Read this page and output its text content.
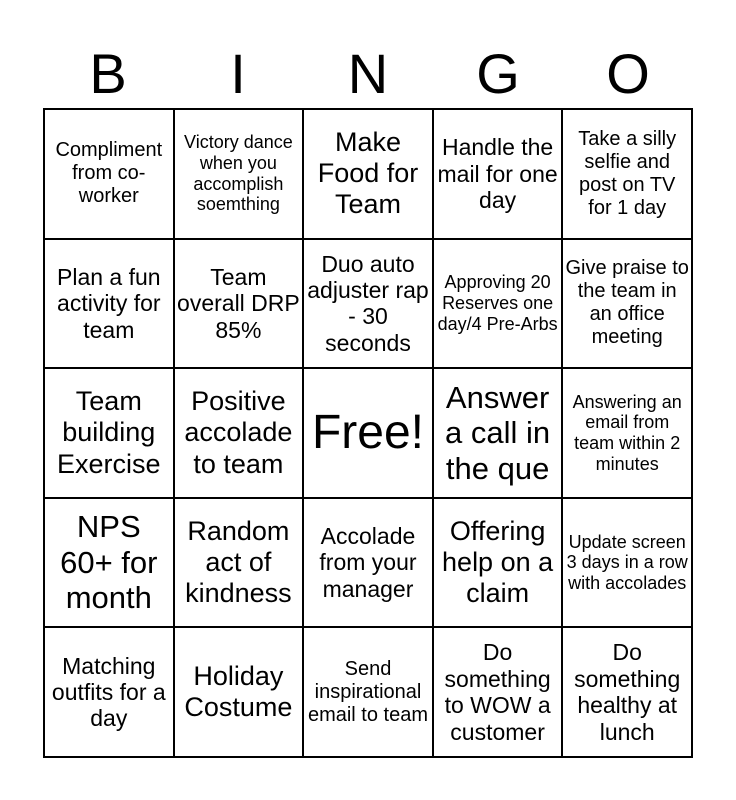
B	I	N	G	O
Compliment from co-worker
Victory dance when you accomplish soemthing
Make Food for Team
Handle the mail for one day
Take a silly selfie and post on TV for 1 day
Plan a fun activity for team
Team overall DRP 85%
Duo auto adjuster rap - 30 seconds
Approving 20 Reserves one day/4 Pre-Arbs
Give praise to the team in an office meeting
Team building Exercise
Positive accolade to team
Free!
Answer a call in the que
Answering an email from team within 2 minutes
NPS 60+ for month
Random act of kindness
Accolade from your manager
Offering help on a claim
Update screen 3 days in a row with accolades
Matching outfits for a day
Holiday Costume
Send inspirational email to team
Do something to WOW a customer
Do something healthy at lunch
